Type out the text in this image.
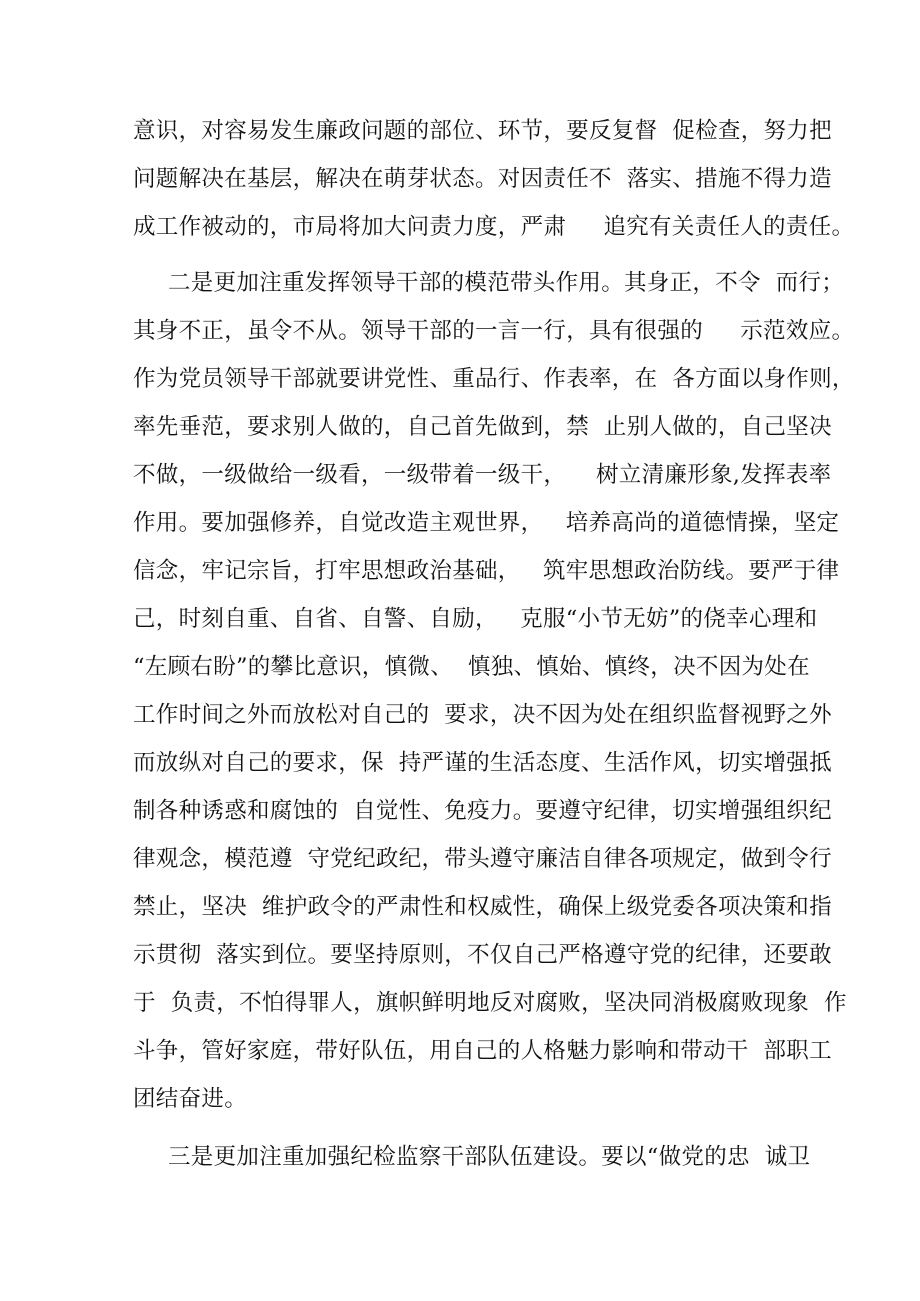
意识，对容易发生廉政问题的部位、环节，要反复督  促检查，努力把
问题解决在基层，解决在萌芽状态。对因责任不  落实、措施不得力造
成工作被动的，市局将加大问责力度，严肃     追究有关责任人的责任。
二是更加注重发挥领导干部的模范带头作用。其身正，不令  而行；
其身不正，虽令不从。领导干部的一言一行，具有很强的     示范效应。
作为党员领导干部就要讲党性、重品行、作表率，在  各方面以身作则，
率先垂范，要求别人做的，自己首先做到，禁  止别人做的，自己坚决
不做，一级做给一级看，一级带着一级干，    树立清廉形象,发挥表率
作用。要加强修养，自觉改造主观世界，   培养高尚的道德情操，坚定
信念，牢记宗旨，打牢思想政治基础，   筑牢思想政治防线。要严于律
己，时刻自重、自省、自警、自励，   克服“小节无妨”的侥幸心理和
“左顾右盼”的攀比意识，慎微、  慎独、慎始、慎终，决不因为处在
工作时间之外而放松对自己的  要求，决不因为处在组织监督视野之外
而放纵对自己的要求，保  持严谨的生活态度、生活作风，切实增强抵
制各种诱惑和腐蚀的  自觉性、免疫力。要遵守纪律，切实增强组织纪
律观念，模范遵  守党纪政纪，带头遵守廉洁自律各项规定，做到令行
禁止，坚决  维护政令的严肃性和权威性，确保上级党委各项决策和指
示贯彻  落实到位。要坚持原则，不仅自己严格遵守党的纪律，还要敢
于  负责，不怕得罪人，旗帜鲜明地反对腐败，坚决同消极腐败现象  作
斗争，管好家庭，带好队伍，用自己的人格魅力影响和带动干  部职工
团结奋进。
三是更加注重加强纪检监察干部队伍建设。要以“做党的忠  诚卫
